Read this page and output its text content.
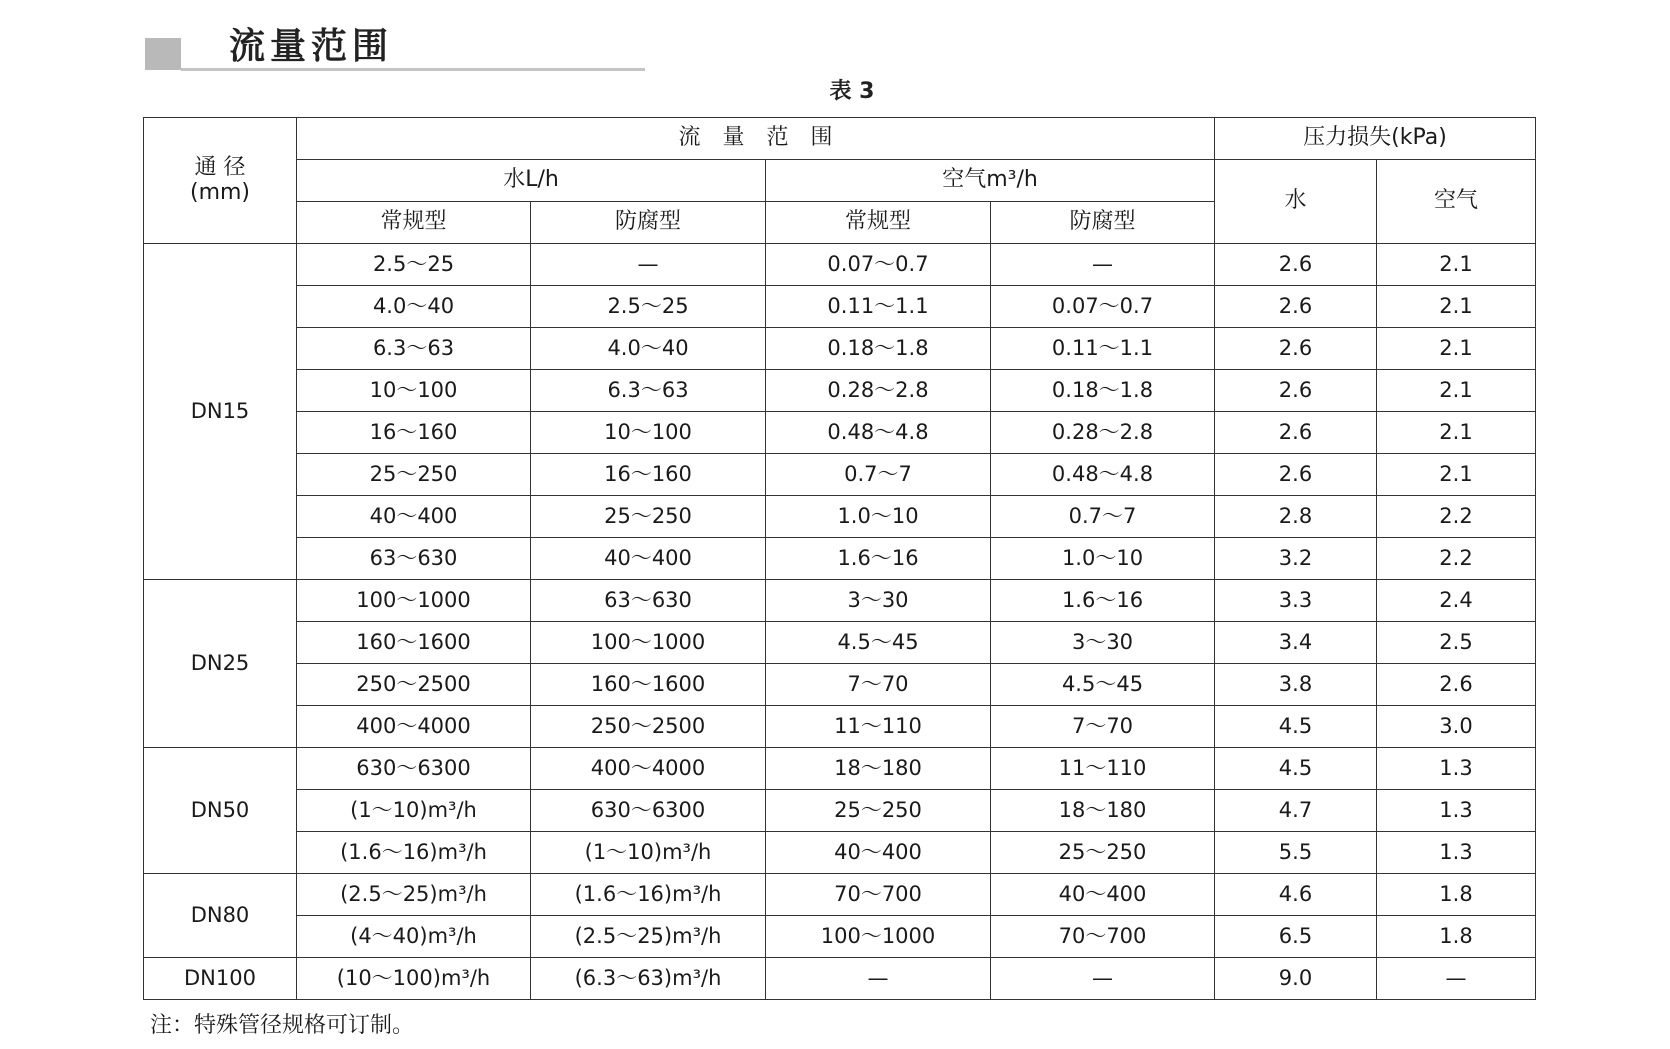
流量范围
表 3
通 径
(mm)	流　量　范　围				压力损失(kPa)	
	水L/h		空气m³/h		水	空气
	常规型	防腐型	常规型	防腐型		
DN15	2.5～25	—	0.07～0.7	—	2.6	2.1
	4.0～40	2.5～25	0.11～1.1	0.07～0.7	2.6	2.1
	6.3～63	4.0～40	0.18～1.8	0.11～1.1	2.6	2.1
	10～100	6.3～63	0.28～2.8	0.18～1.8	2.6	2.1
	16～160	10～100	0.48～4.8	0.28～2.8	2.6	2.1
	25～250	16～160	0.7～7	0.48～4.8	2.6	2.1
	40～400	25～250	1.0～10	0.7～7	2.8	2.2
	63～630	40～400	1.6～16	1.0～10	3.2	2.2
DN25	100～1000	63～630	3～30	1.6～16	3.3	2.4
	160～1600	100～1000	4.5～45	3～30	3.4	2.5
	250～2500	160～1600	7～70	4.5～45	3.8	2.6
	400～4000	250～2500	11～110	7～70	4.5	3.0
DN50	630～6300	400～4000	18～180	11～110	4.5	1.3
	(1～10)m³/h	630～6300	25～250	18～180	4.7	1.3
	(1.6～16)m³/h	(1～10)m³/h	40～400	25～250	5.5	1.3
DN80	(2.5～25)m³/h	(1.6～16)m³/h	70～700	40～400	4.6	1.8
	(4～40)m³/h	(2.5～25)m³/h	100～1000	70～700	6.5	1.8
DN100	(10～100)m³/h	(6.3～63)m³/h	—	—	9.0	—
注：特殊管径规格可订制。
